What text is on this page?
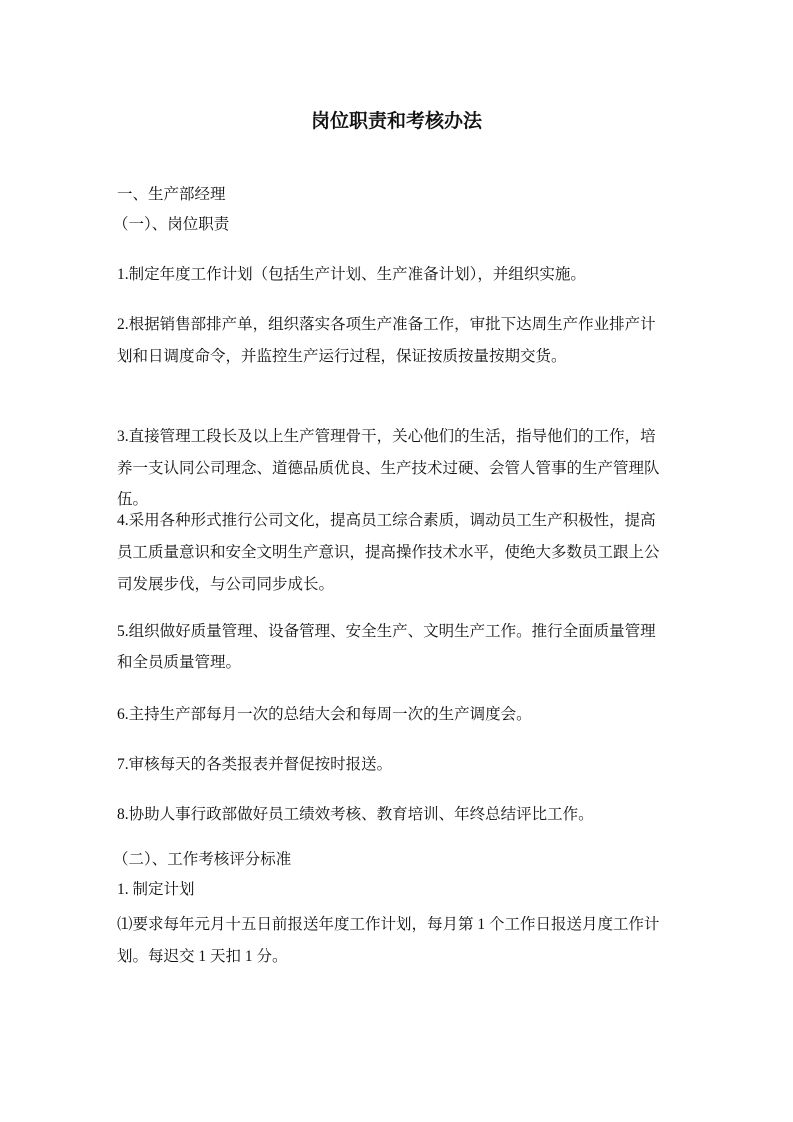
岗位职责和考核办法
一、生产部经理
（一）、岗位职责
1.制定年度工作计划（包括生产计划、生产准备计划），并组织实施。
2.根据销售部排产单，组织落实各项生产准备工作，审批下达周生产作业排产计
划和日调度命令，并监控生产运行过程，保证按质按量按期交货。
3.直接管理工段长及以上生产管理骨干，关心他们的生活，指导他们的工作，培
养一支认同公司理念、道德品质优良、生产技术过硬、会管人管事的生产管理队
伍。
4.采用各种形式推行公司文化，提高员工综合素质，调动员工生产积极性，提高
员工质量意识和安全文明生产意识，提高操作技术水平，使绝大多数员工跟上公
司发展步伐，与公司同步成长。
5.组织做好质量管理、设备管理、安全生产、文明生产工作。推行全面质量管理
和全员质量管理。
6.主持生产部每月一次的总结大会和每周一次的生产调度会。
7.审核每天的各类报表并督促按时报送。
8.协助人事行政部做好员工绩效考核、教育培训、年终总结评比工作。
（二）、工作考核评分标准
1. 制定计划
⑴要求每年元月十五日前报送年度工作计划，每月第 1 个工作日报送月度工作计
划。每迟交 1 天扣 1 分。
